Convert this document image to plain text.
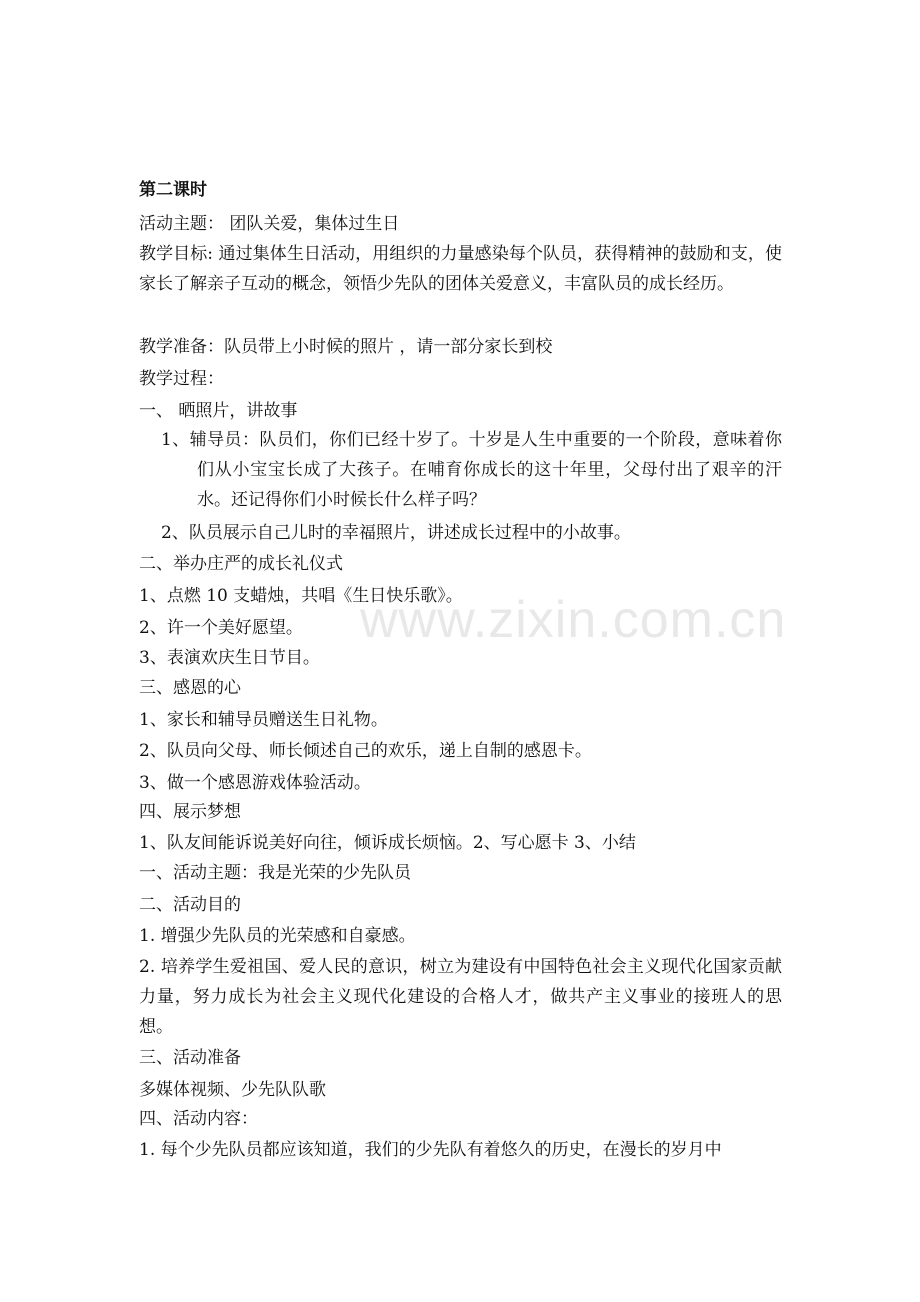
www.zixin.com.cn
第二课时
活动主题： 团队关爱，集体过生日
教学目标: 通过集体生日活动，用组织的力量感染每个队员，获得精神的鼓励和支，使家长了解亲子互动的概念，领悟少先队的团体关爱意义，丰富队员的成长经历。
教学准备：队员带上小时候的照片 ，请一部分家长到校
教学过程：
一、 晒照片，讲故事
1、辅导员：队员们，你们已经十岁了。十岁是人生中重要的一个阶段，意味着你们从小宝宝长成了大孩子。在哺育你成长的这十年里，父母付出了艰辛的汗水。还记得你们小时候长什么样子吗？
2、队员展示自己儿时的幸福照片，讲述成长过程中的小故事。
二、举办庄严的成长礼仪式
1、点燃 10 支蜡烛，共唱《生日快乐歌》。
2、许一个美好愿望。
3、表演欢庆生日节目。
三、感恩的心
1、家长和辅导员赠送生日礼物。
2、队员向父母、师长倾述自己的欢乐，递上自制的感恩卡。
3、做一个感恩游戏体验活动。
四、展示梦想
1、队友间能诉说美好向往，倾诉成长烦恼。2、写心愿卡 3、小结
一、活动主题：我是光荣的少先队员
二、活动目的
1. 增强少先队员的光荣感和自豪感。
2. 培养学生爱祖国、爱人民的意识，树立为建设有中国特色社会主义现代化国家贡献力量，努力成长为社会主义现代化建设的合格人才，做共产主义事业的接班人的思想。
三、活动准备
多媒体视频、少先队队歌
四、活动内容：
1. 每个少先队员都应该知道，我们的少先队有着悠久的历史，在漫长的岁月中
